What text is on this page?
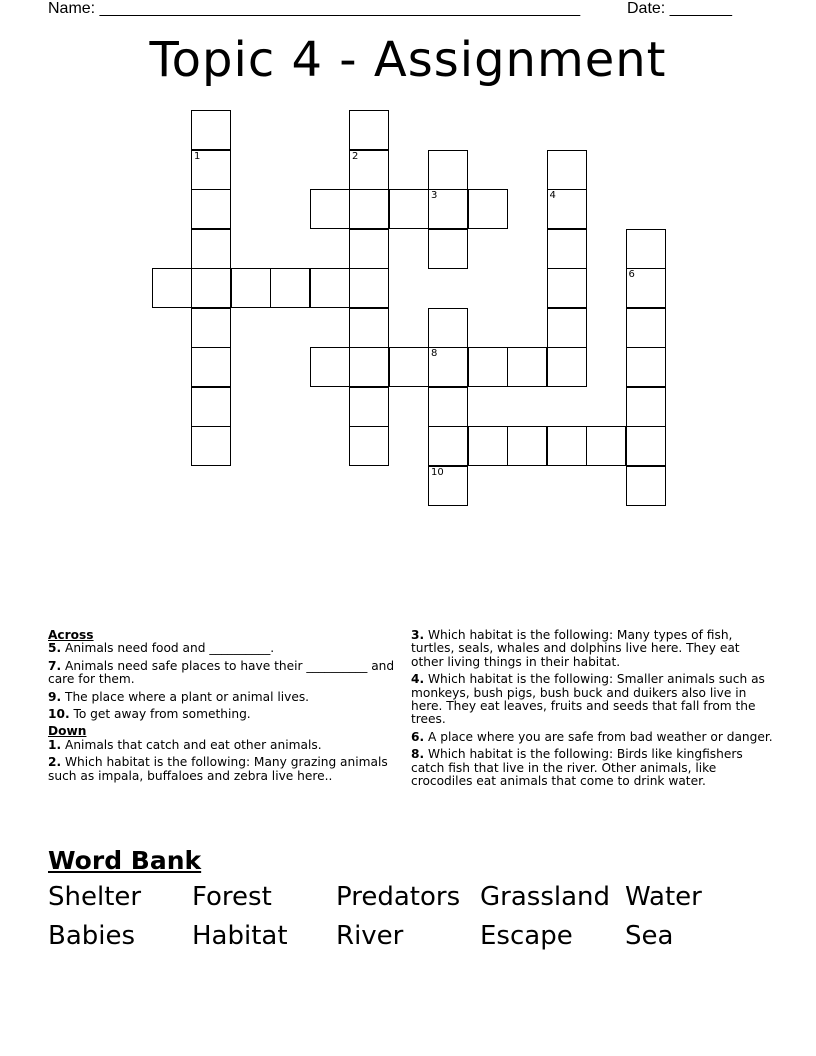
Name: ______________________________________________________	Date: _______
Topic 4 - Assignment
1	2
3	4
6
8
10

Across

5. Animals need food and __________.

7. Animals need safe places to have their __________ and care for them.

9. The place where a plant or animal lives.

10. To get away from something.

Down

1. Animals that catch and eat other animals.

2. Which habitat is the following: Many grazing animals such as impala, buffaloes and zebra live here..

3. Which habitat is the following: Many types of fish, turtles, seals, whales and dolphins live here. They eat other living things in their habitat.

4. Which habitat is the following: Smaller animals such as monkeys, bush pigs, bush buck and duikers also live in here. They eat leaves, fruits and seeds that fall from the trees.

6. A place where you are safe from bad weather or danger.

8. Which habitat is the following: Birds like kingfishers catch fish that live in the river. Other animals, like crocodiles eat animals that come to drink water.

Word Bank
Shelter Forest Predators Grassland Water
Babies Habitat River	Escape Sea
